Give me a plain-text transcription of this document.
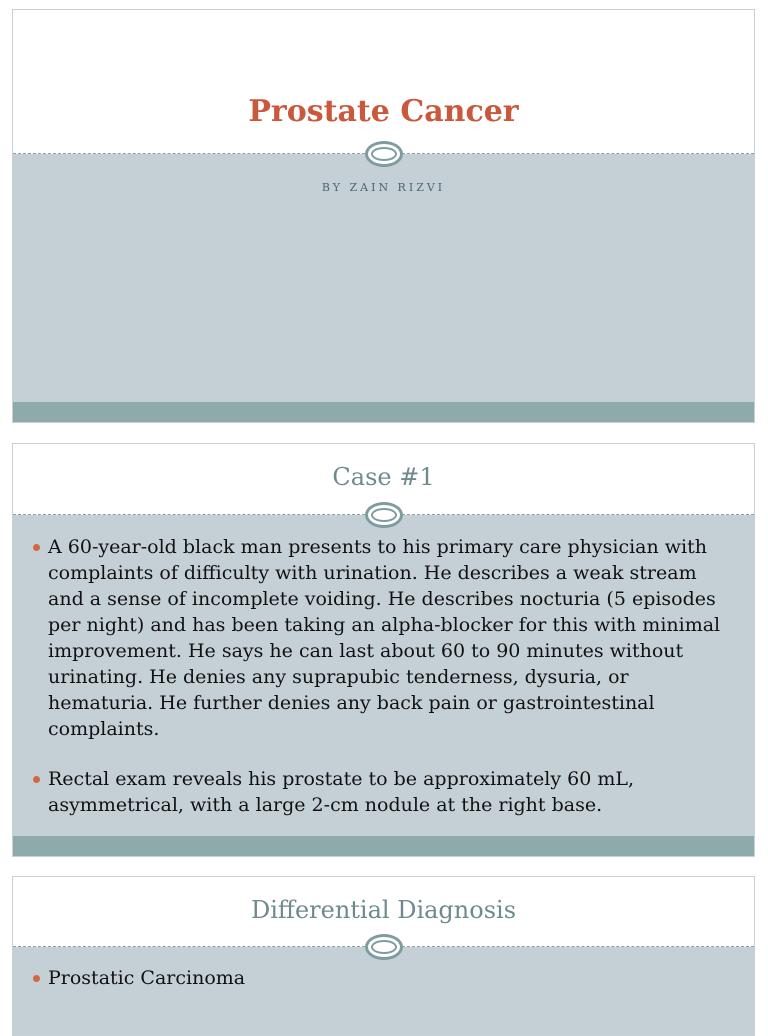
Prostate Cancer
BY ZAIN RIZVI
Case #1
A 60-year-old black man presents to his primary care physician with complaints of difficulty with urination. He describes a weak stream and a sense of incomplete voiding. He describes nocturia (5 episodes per night) and has been taking an alpha-blocker for this with minimal improvement. He says he can last about 60 to 90 minutes without urinating. He denies any suprapubic tenderness, dysuria, or hematuria. He further denies any back pain or gastrointestinal complaints.
Rectal exam reveals his prostate to be approximately 60 mL, asymmetrical, with a large 2-cm nodule at the right base.
Differential Diagnosis
Prostatic Carcinoma
